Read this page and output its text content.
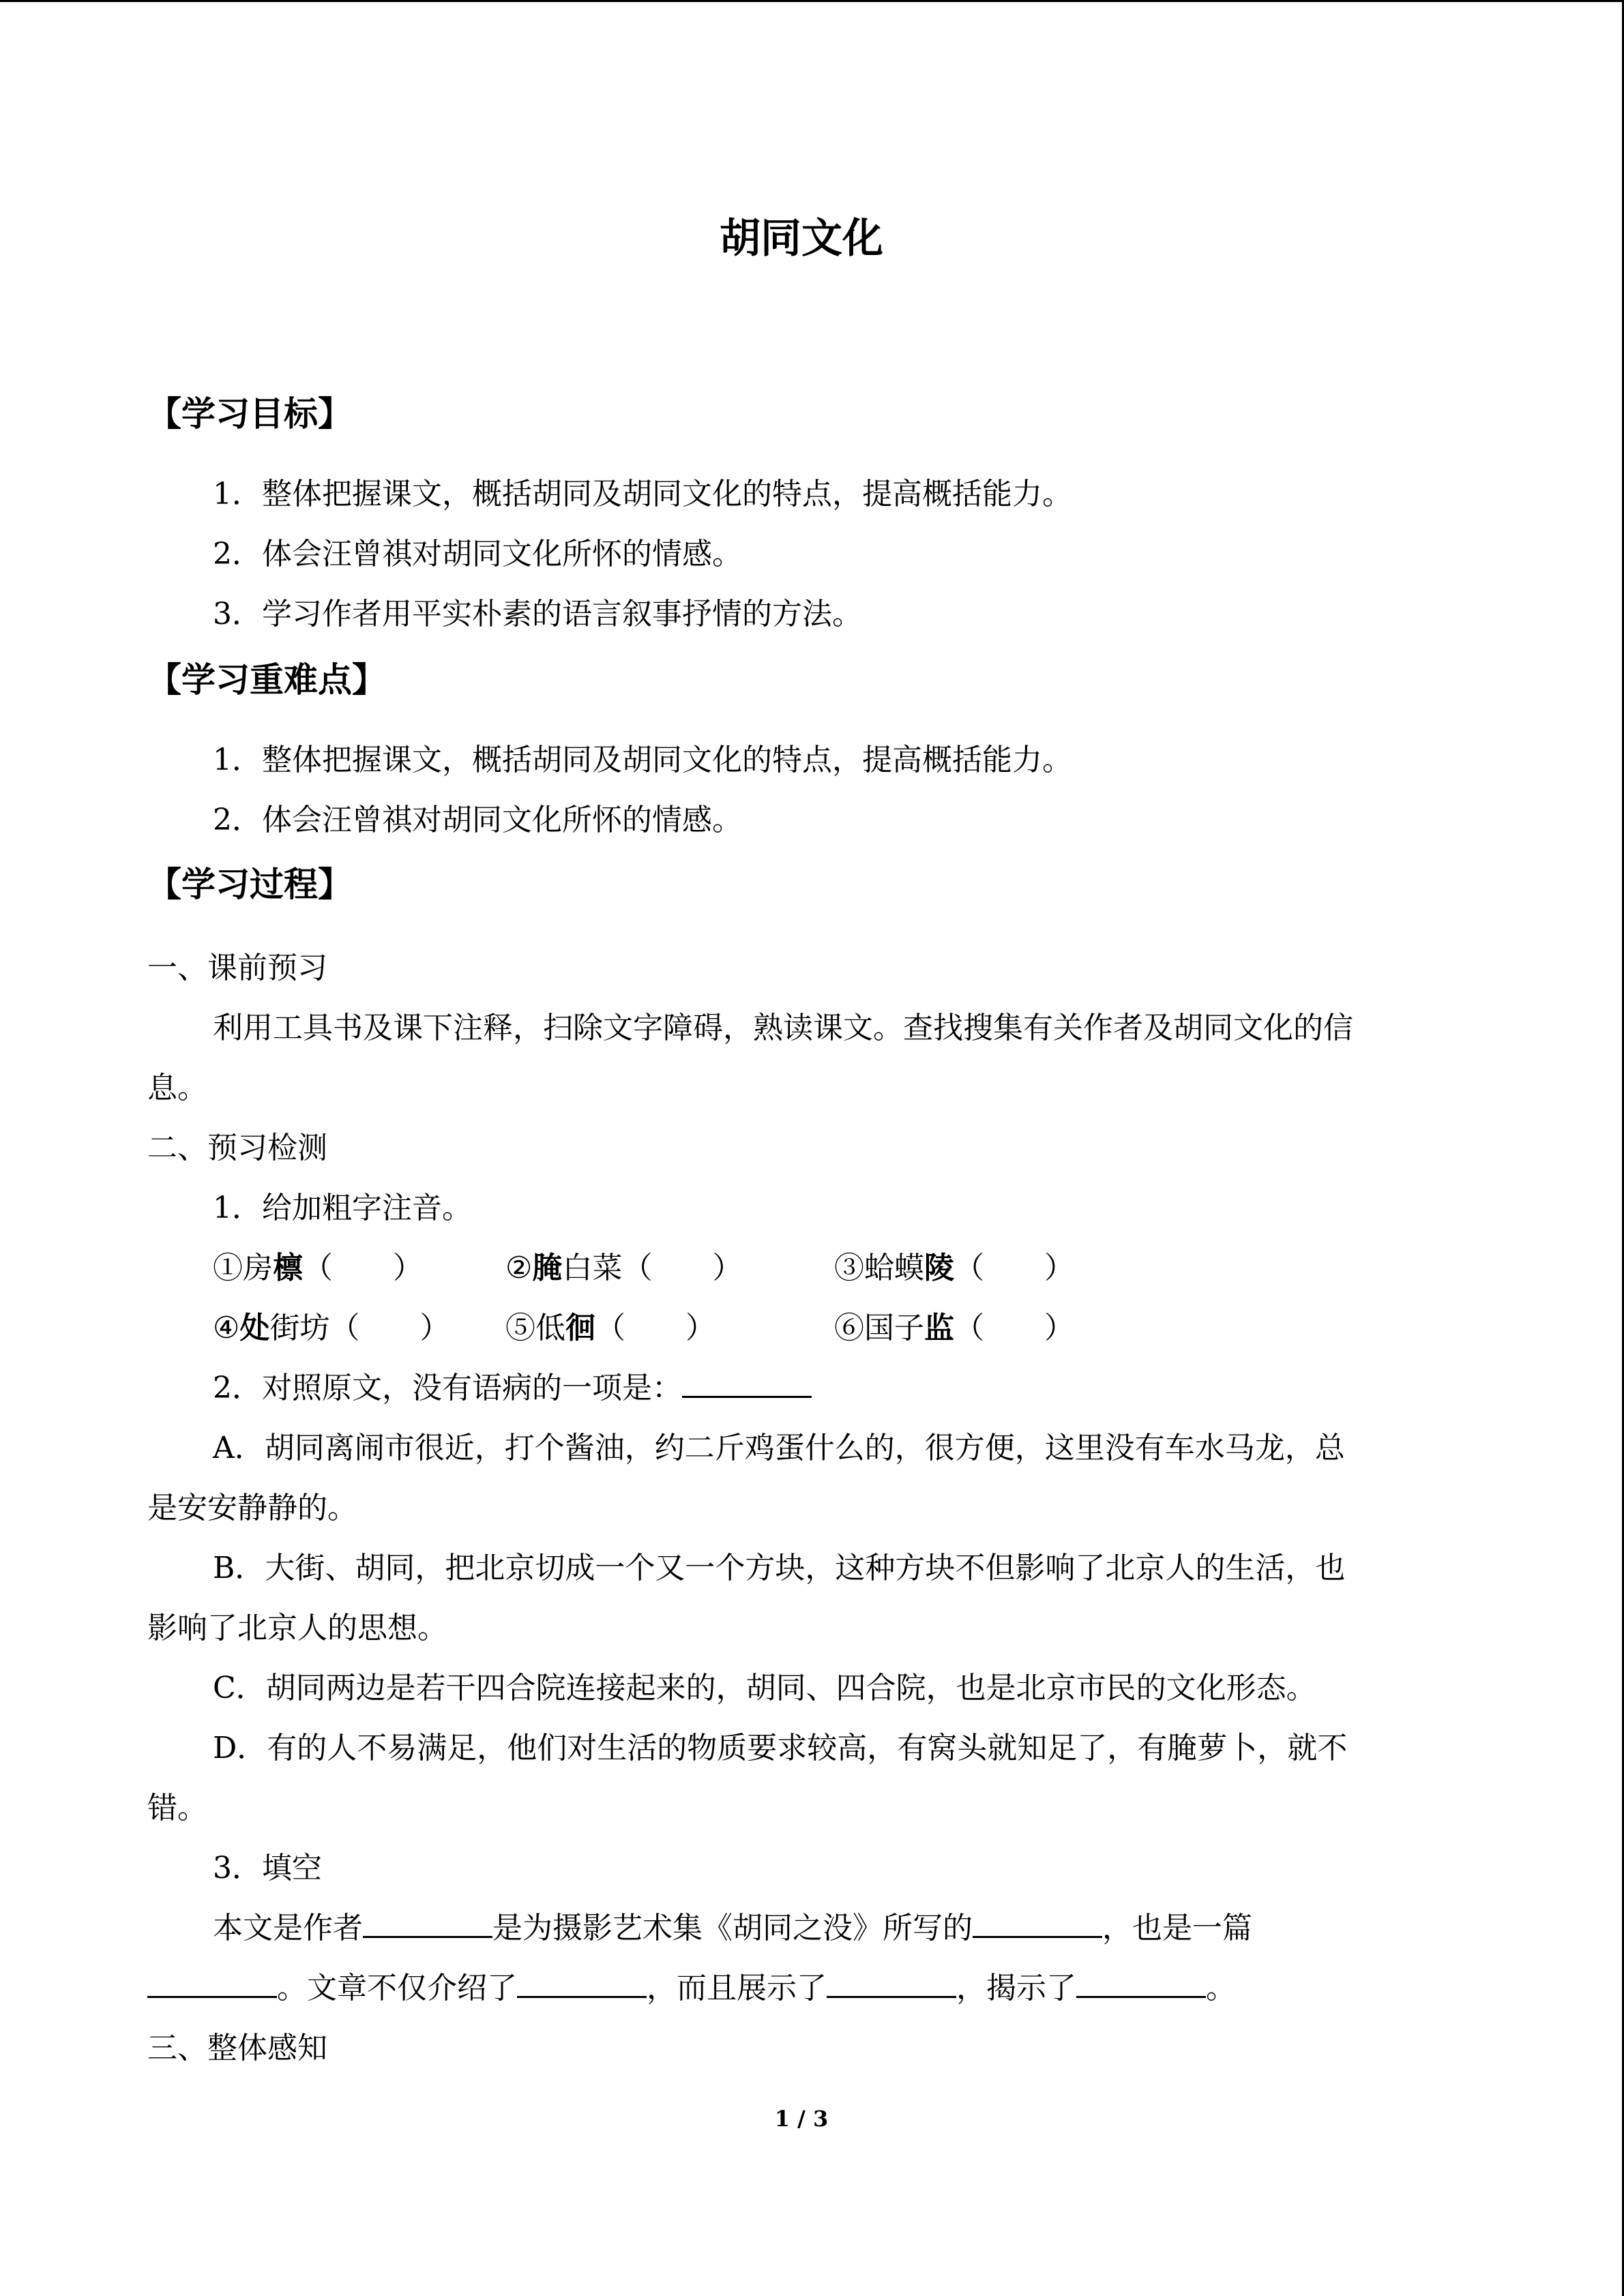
胡同文化
【学习目标】
1．整体把握课文，概括胡同及胡同文化的特点，提高概括能力。
2．体会汪曾祺对胡同文化所怀的情感。
3．学习作者用平实朴素的语言叙事抒情的方法。
【学习重难点】
1．整体把握课文，概括胡同及胡同文化的特点，提高概括能力。
2．体会汪曾祺对胡同文化所怀的情感。
【学习过程】
一、课前预习
利用工具书及课下注释，扫除文字障碍，熟读课文。查找搜集有关作者及胡同文化的信
息。
二、预习检测
1．给加粗字注音。
①房檩（　　）	②腌白菜（　　）	③蛤蟆陵（　　）
④处街坊（　　） ⑤低徊（　　）	⑥国子监（　　）
2．对照原文，没有语病的一项是：
A．胡同离闹市很近，打个酱油，约二斤鸡蛋什么的，很方便，这里没有车水马龙，总
是安安静静的。
B．大街、胡同，把北京切成一个又一个方块，这种方块不但影响了北京人的生活，也
影响了北京人的思想。
C．胡同两边是若干四合院连接起来的，胡同、四合院，也是北京市民的文化形态。
D．有的人不易满足，他们对生活的物质要求较高，有窝头就知足了，有腌萝卜，就不
错。
3．填空
本文是作者	是为摄影艺术集《胡同之没》所写的	，也是一篇
。文章不仅介绍了	，而且展示了	，揭示了	。
三、整体感知
1 / 3
